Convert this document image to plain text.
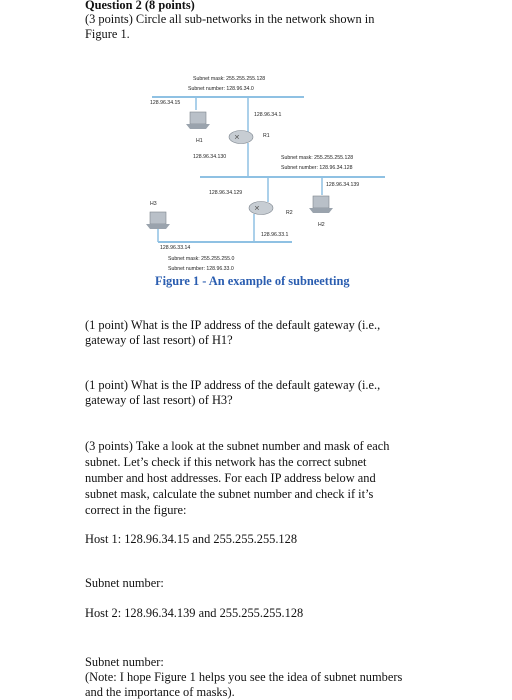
Question 2 (8 points)
(3 points) Circle all sub-networks in the network shown in
Figure 1.
Subnet mask: 255.255.255.128
Subnet number: 128.96.34.0
128.96.34.15
H1
128.96.34.1
✕	R1
128.96.34.130	Subnet mask: 255.255.255.128
Subnet number: 128.96.34.128
128.96.34.139
128.96.34.129
H2
✕
R2
128.96.33.1
H3
128.96.33.14
Subnet mask: 255.255.255.0
Subnet number: 128.96.33.0
Figure 1 - An example of subneetting
(1 point) What is the IP address of the default gateway (i.e.,
gateway of last resort) of H1?
(1 point) What is the IP address of the default gateway (i.e.,
gateway of last resort) of H3?
(3 points) Take a look at the subnet number and mask of each
subnet. Let’s check if this network has the correct subnet
number and host addresses. For each IP address below and
subnet mask, calculate the subnet number and check if it’s
correct in the figure:
Host 1: 128.96.34.15 and 255.255.255.128
Subnet number:
Host 2: 128.96.34.139 and 255.255.255.128
Subnet number:
(Note: I hope Figure 1 helps you see the idea of subnet numbers
and the importance of masks).
